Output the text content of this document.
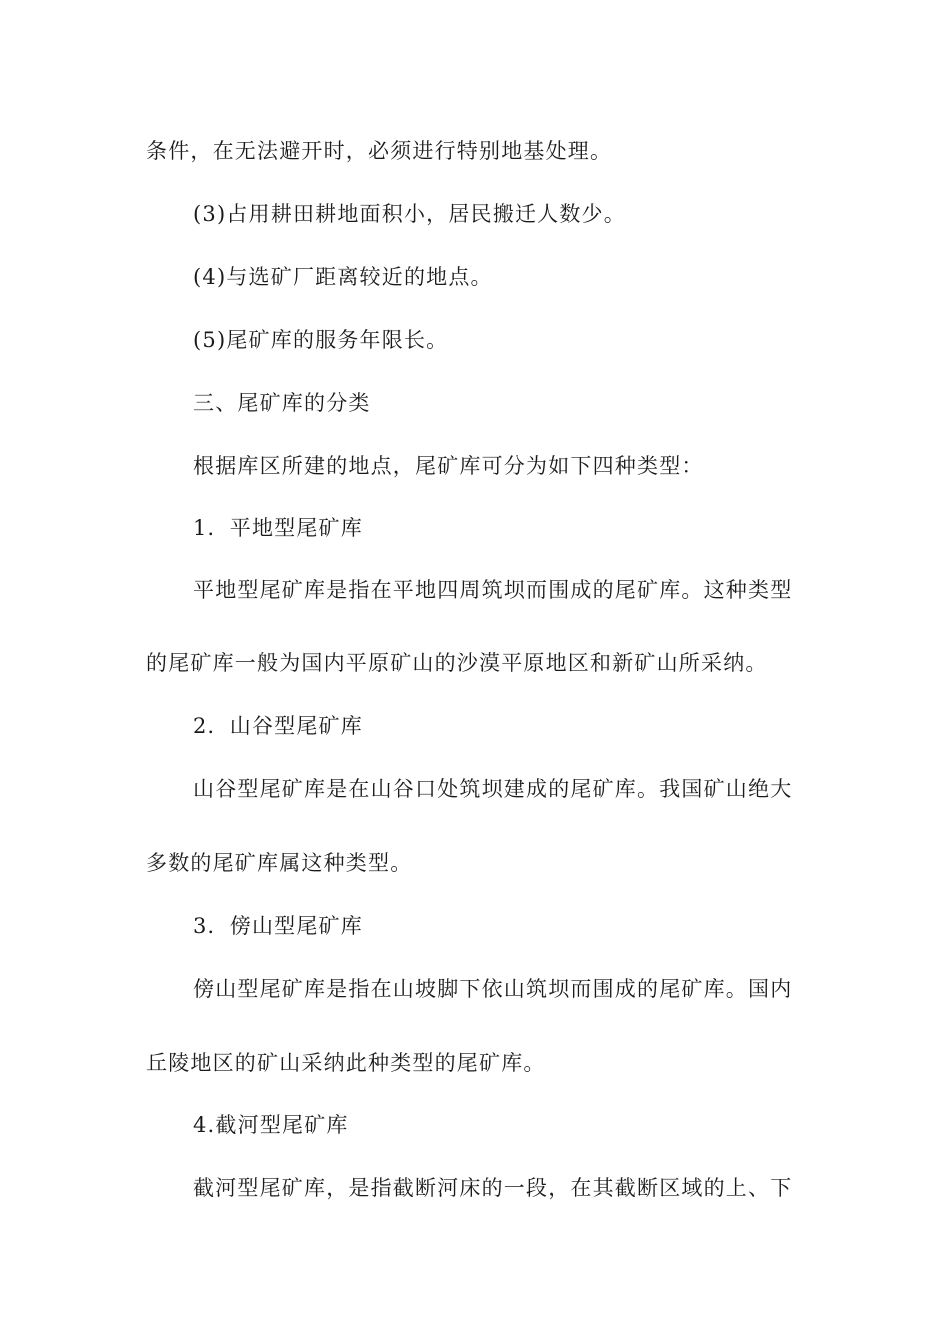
条件，在无法避开时，必须进行特别地基处理。
(3)占用耕田耕地面积小，居民搬迁人数少。
(4)与选矿厂距离较近的地点。
(5)尾矿库的服务年限长。
三、尾矿库的分类
根据库区所建的地点，尾矿库可分为如下四种类型：
1．平地型尾矿库
平地型尾矿库是指在平地四周筑坝而围成的尾矿库。这种类型
的尾矿库一般为国内平原矿山的沙漠平原地区和新矿山所采纳。
2．山谷型尾矿库
山谷型尾矿库是在山谷口处筑坝建成的尾矿库。我国矿山绝大
多数的尾矿库属这种类型。
3．傍山型尾矿库
傍山型尾矿库是指在山坡脚下依山筑坝而围成的尾矿库。国内
丘陵地区的矿山采纳此种类型的尾矿库。
4.截河型尾矿库
截河型尾矿库，是指截断河床的一段，在其截断区域的上、下
